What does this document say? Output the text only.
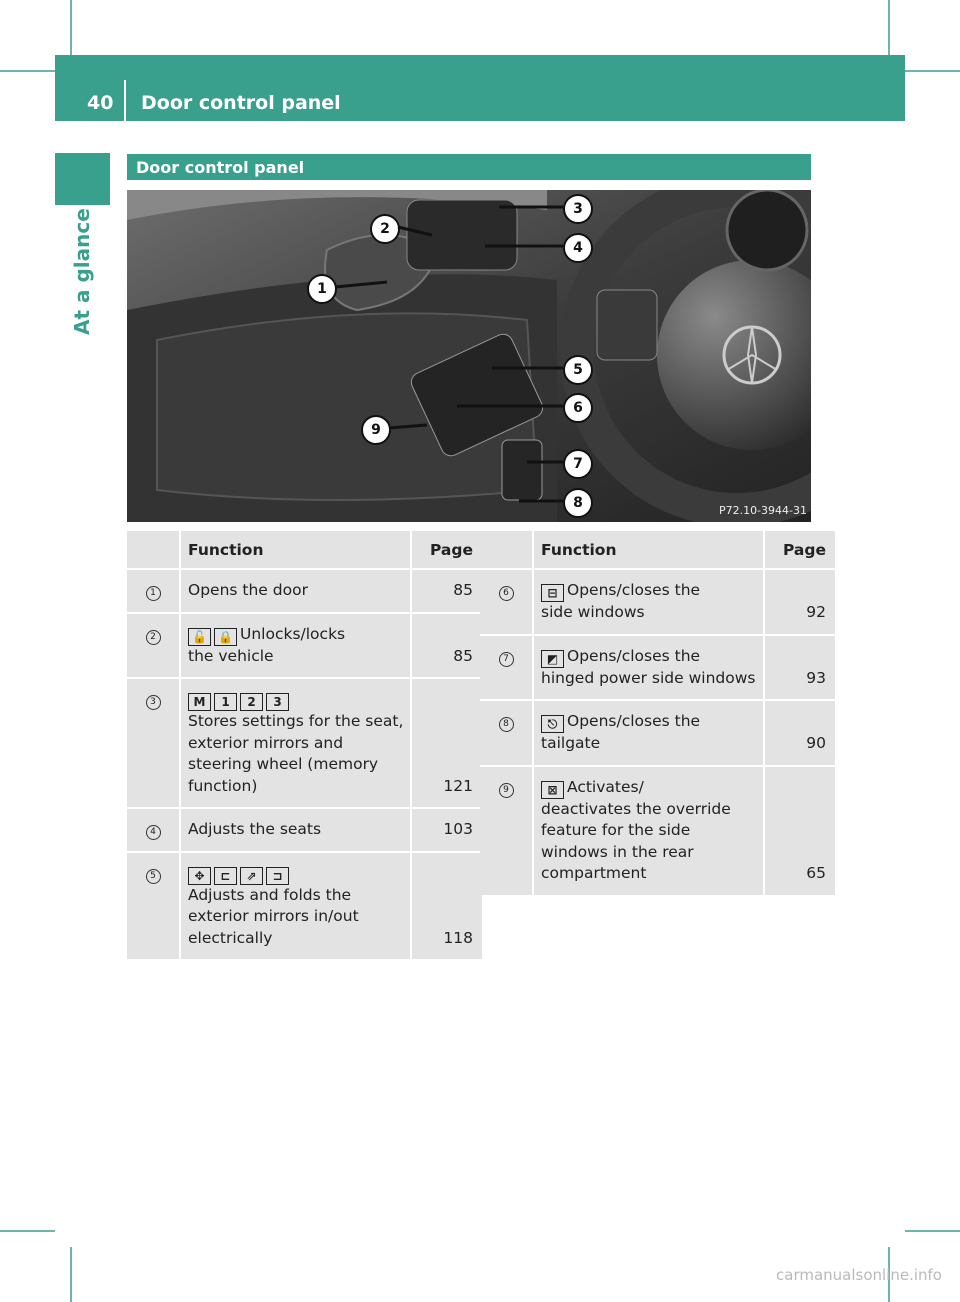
40 Door control panel
At a glance
Door control panel
1
2
3
4
5
6
7
8
9
P72.10-3944-31
	Function	Page
1	Opens the door	85
2	🔓 🔒 Unlocks/locks
the vehicle	85
3	M 1 2 3
Stores settings for the seat,
exterior mirrors and
steering wheel (memory
function)	121
4	Adjusts the seats	103
5	✥ ⊏ ⇗ ⊐
Adjusts and folds the
exterior mirrors in/out
electrically	118
	Function	Page
6	⊟ Opens/closes the
side windows	92
7	◩ Opens/closes the
hinged power side windows	93
8	⎋ Opens/closes the
tailgate	90
9	⊠ Activates/
deactivates the override
feature for the side
windows in the rear
compartment	65
carmanualsonline.info
